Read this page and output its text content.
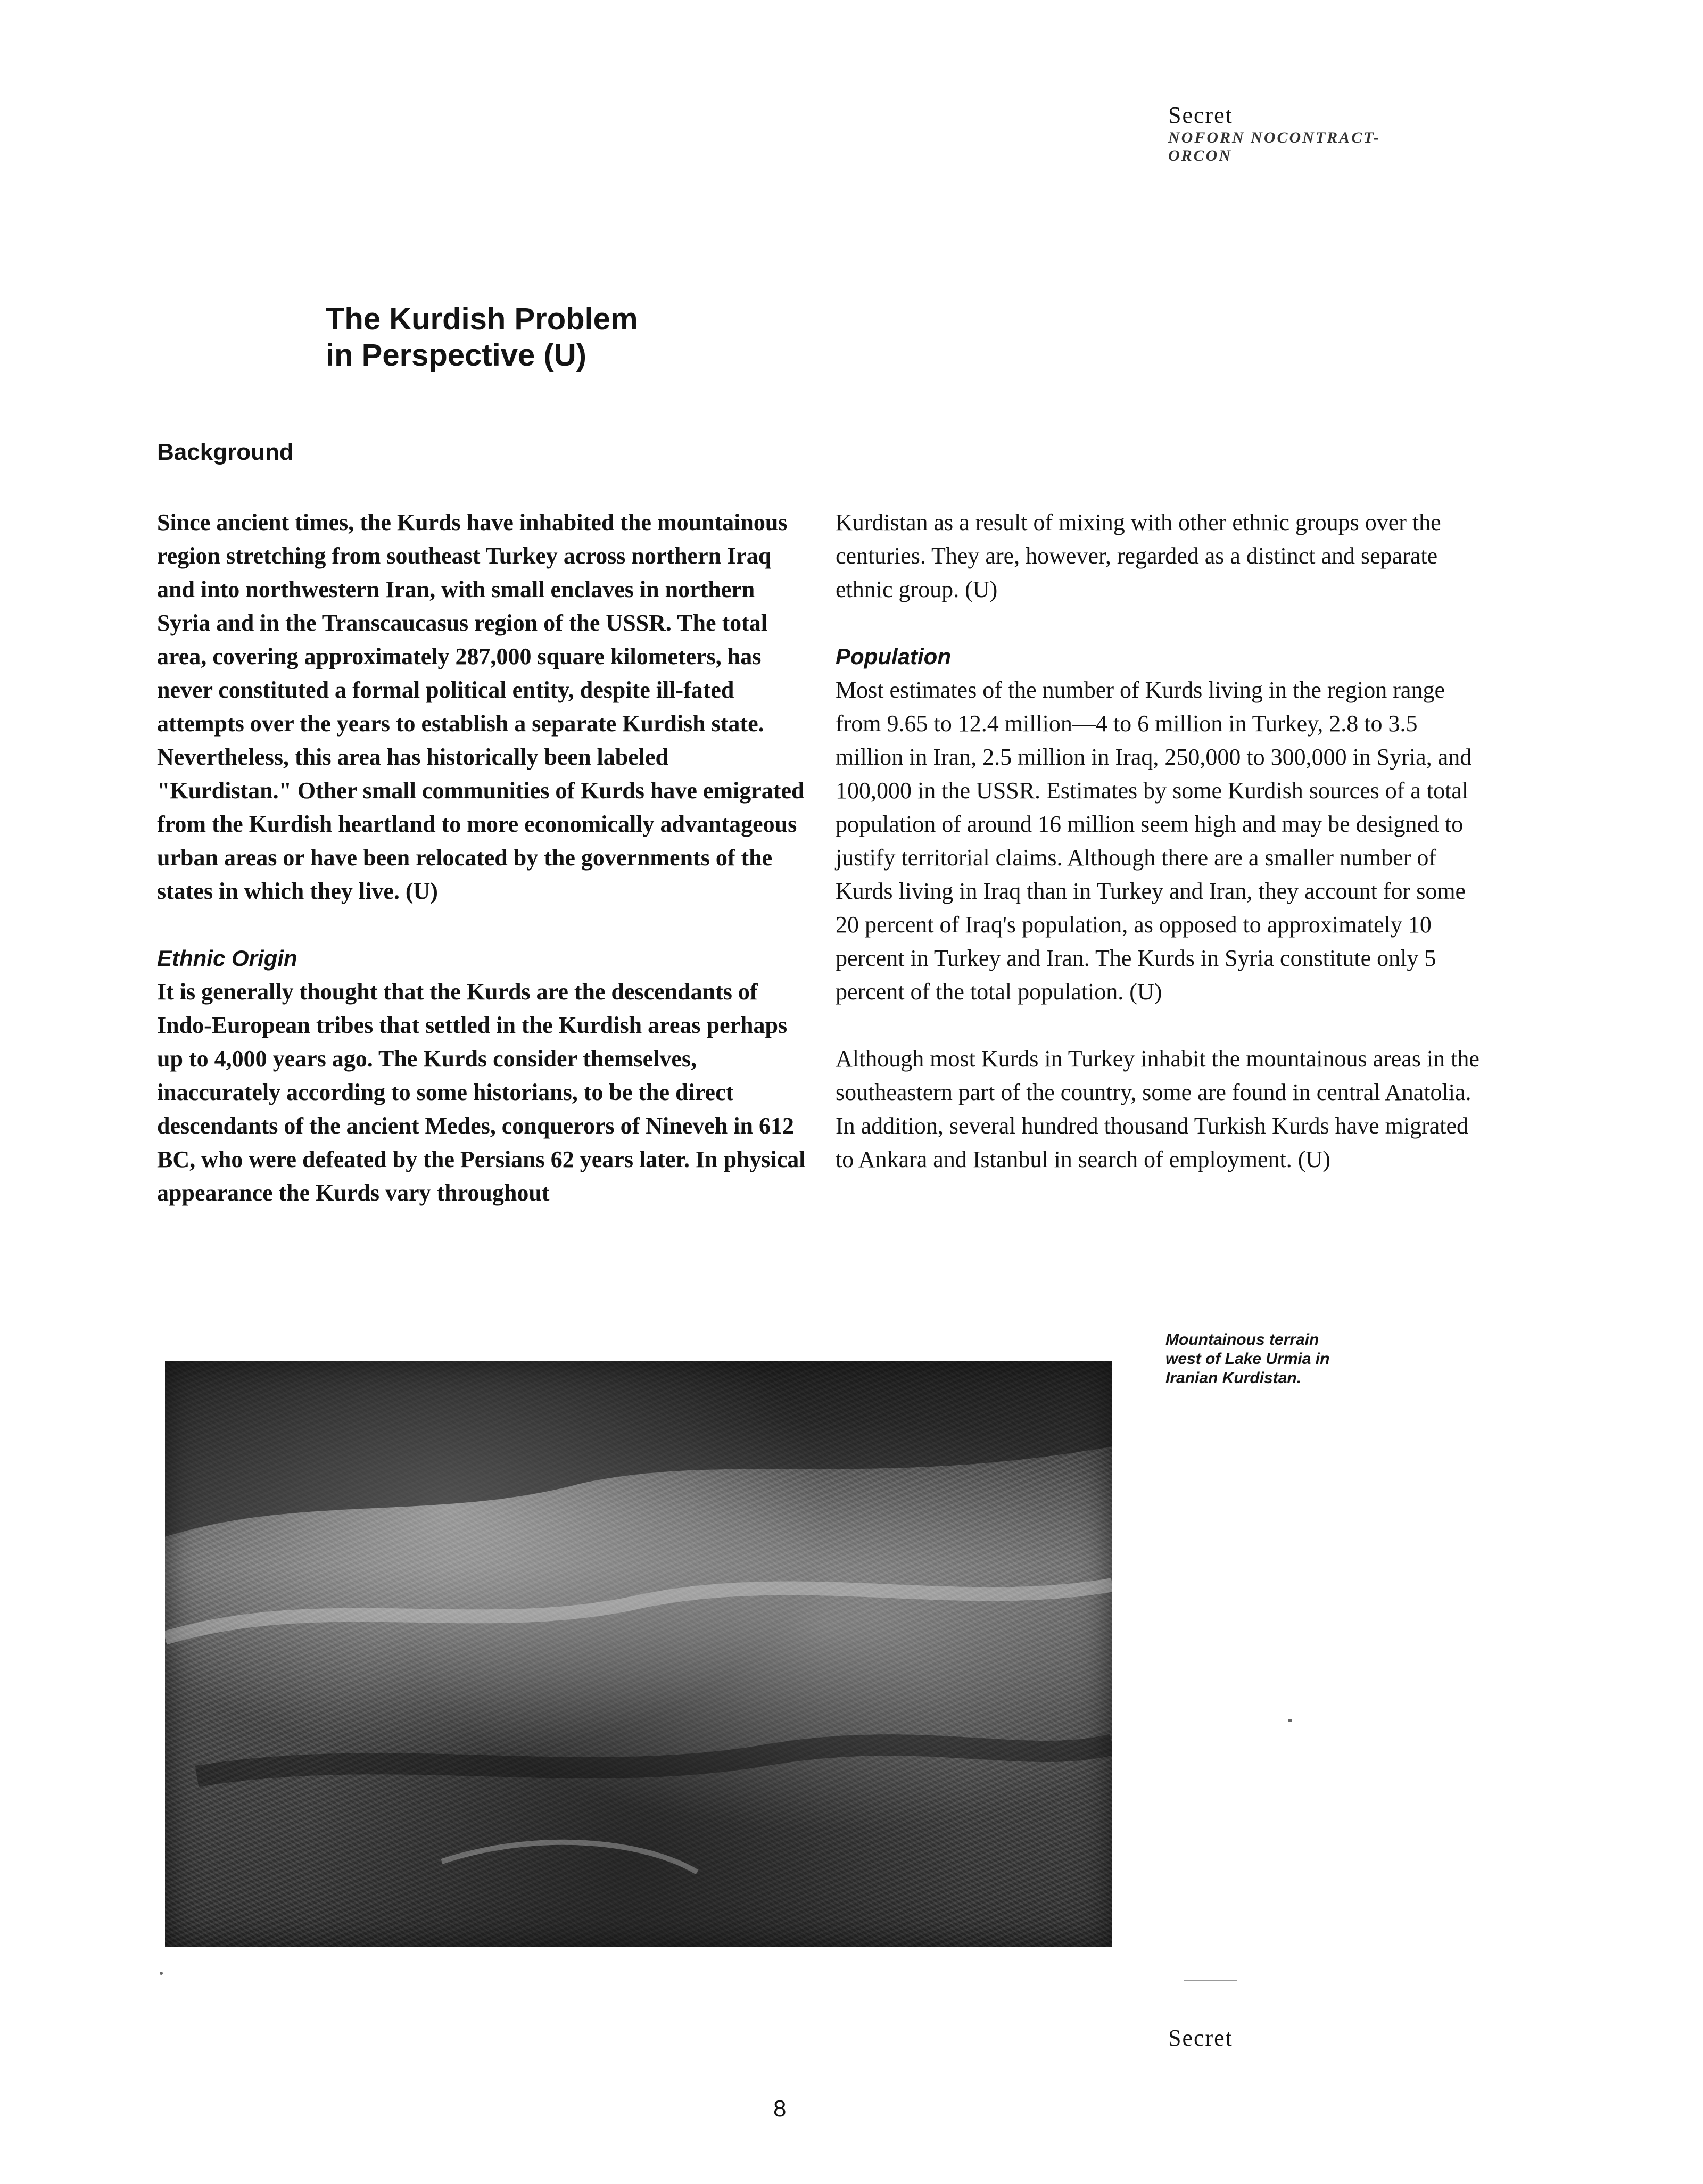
Secret
NOFORN NOCONTRACT-
ORCON
The Kurdish Problem
in Perspective (U)
Background

Since ancient times, the Kurds have inhabited the mountainous region stretching from southeast Turkey across northern Iraq and into northwestern Iran, with small enclaves in northern Syria and in the Transcaucasus region of the USSR. The total area, covering approximately 287,000 square kilometers, has never constituted a formal political entity, despite ill-fated attempts over the years to establish a separate Kurdish state. Nevertheless, this area has historically been labeled "Kurdistan." Other small communities of Kurds have emigrated from the Kurdish heartland to more economically advantageous urban areas or have been relocated by the governments of the states in which they live. (U)

Ethnic Origin

It is generally thought that the Kurds are the descendants of Indo-European tribes that settled in the Kurdish areas perhaps up to 4,000 years ago. The Kurds consider themselves, inaccurately according to some historians, to be the direct descendants of the ancient Medes, conquerors of Nineveh in 612 BC, who were defeated by the Persians 62 years later. In physical appearance the Kurds vary throughout

Kurdistan as a result of mixing with other ethnic groups over the centuries. They are, however, regarded as a distinct and separate ethnic group. (U)

Population

Most estimates of the number of Kurds living in the region range from 9.65 to 12.4 million—4 to 6 million in Turkey, 2.8 to 3.5 million in Iran, 2.5 million in Iraq, 250,000 to 300,000 in Syria, and 100,000 in the USSR. Estimates by some Kurdish sources of a total population of around 16 million seem high and may be designed to justify territorial claims. Although there are a smaller number of Kurds living in Iraq than in Turkey and Iran, they account for some 20 percent of Iraq's population, as opposed to approximately 10 percent in Turkey and Iran. The Kurds in Syria constitute only 5 percent of the total population. (U)

Although most Kurds in Turkey inhabit the mountainous areas in the southeastern part of the country, some are found in central Anatolia. In addition, several hundred thousand Turkish Kurds have migrated to Ankara and Istanbul in search of employment. (U)

Mountainous terrain
west of Lake Urmia in
Iranian Kurdistan.
Secret
8
